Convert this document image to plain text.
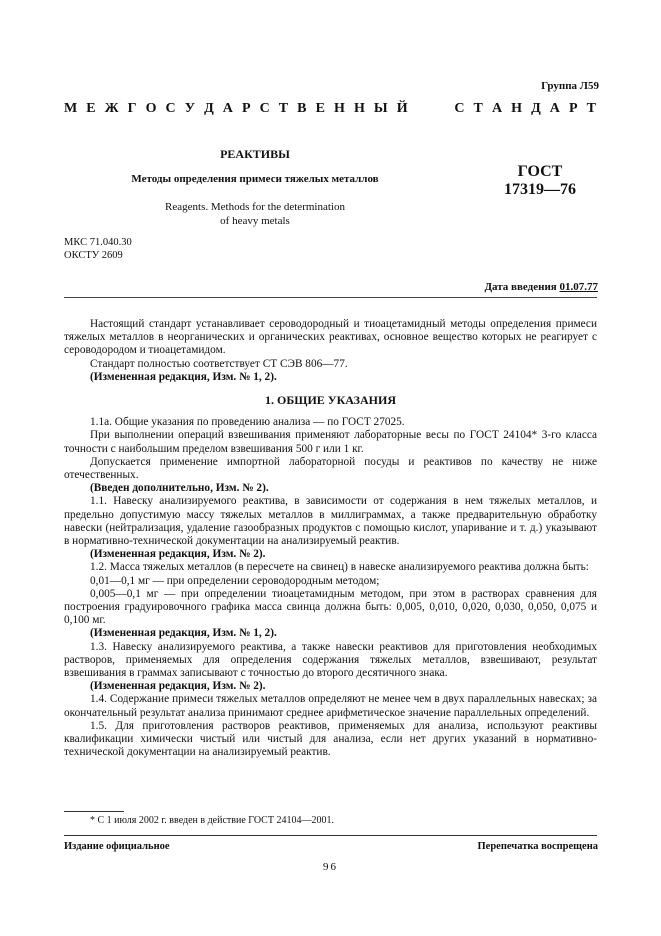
Группа Л59
М Е Ж Г О С У Д А Р С Т В Е Н Н Ы Й

	С Т А Н Д А Р Т
РЕАКТИВЫ
Методы определения примеси тяжелых металлов	ГОСТ
17319—76
Reagents. Methods for the determination
of heavy metals
МКС 71.040.30
ОКСТУ 2609
Дата введения 01.07.77

Настоящий стандарт устанавливает сероводородный и тиоацетамидный методы определения примеси тяжелых металлов в неорганических и органических реактивах, основное вещество которых не реагирует с сероводородом и тиоацетамидом.

Стандарт полностью соответствует СТ СЭВ 806—77.

(Измененная редакция, Изм. № 1, 2).

1. ОБЩИЕ УКАЗАНИЯ

1.1а. Общие указания по проведению анализа — по ГОСТ 27025.

При выполнении операций взвешивания применяют лабораторные весы по ГОСТ 24104* 3-го класса точности с наибольшим пределом взвешивания 500 г или 1 кг.

Допускается применение импортной лабораторной посуды и реактивов по качеству не ниже отечественных.

(Введен дополнительно, Изм. № 2).

1.1. Навеску анализируемого реактива, в зависимости от содержания в нем тяжелых металлов, и предельно допустимую массу тяжелых металлов в миллиграммах, а также предварительную обработку навески (нейтрализация, удаление газообразных продуктов с помощью кислот, упаривание и т. д.) указывают в нормативно-технической документации на анализируемый реактив.

(Измененная редакция, Изм. № 2).

1.2. Масса тяжелых металлов (в пересчете на свинец) в навеске анализируемого реактива должна быть:

0,01—0,1 мг — при определении сероводородным методом;

0,005—0,1 мг — при определении тиоацетамидным методом, при этом в растворах сравнения для построения градуировочного графика масса свинца должна быть: 0,005, 0,010, 0,020, 0,030, 0,050, 0,075 и 0,100 мг.

(Измененная редакция, Изм. № 1, 2).

1.3. Навеску анализируемого реактива, а также навески реактивов для приготовления необходимых растворов, применяемых для определения содержания тяжелых металлов, взвешивают, результат взвешивания в граммах записывают с точностью до второго десятичного знака.

(Измененная редакция, Изм. № 2).

1.4. Содержание примеси тяжелых металлов определяют не менее чем в двух параллельных навесках; за окончательный результат анализа принимают среднее арифметическое значение параллельных определений.

1.5. Для приготовления растворов реактивов, применяемых для анализа, используют реактивы квалификации химически чистый или чистый для анализа, если нет других указаний в нормативно-технической документации на анализируемый реактив.

* С 1 июля 2002 г. введен в действие ГОСТ 24104—2001.
Издание официальное	Перепечатка воспрещена
96
